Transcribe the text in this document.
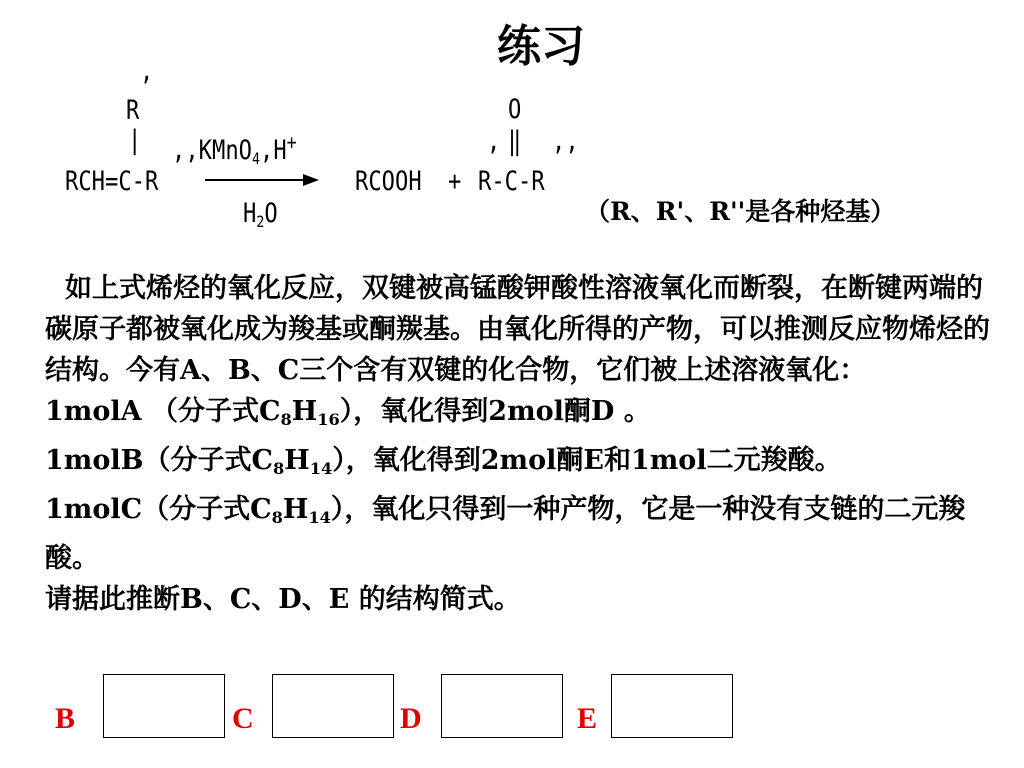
练习
,
R
|
RCH=C-R
,,KMnO$_4$,H+
$H_2O$
RCOOH +
O
‖
, ,,
R-C-R
（R、R'、R''是各种烃基）

如上式烯烃的氧化反应，双键被高锰酸钾酸性溶液氧化而断裂，在断键两端的碳原子都被氧化成为羧基或酮羰基。由氧化所得的产物，可以推测反应物烯烃的结构。今有A、B、C三个含有双键的化合物，它们被上述溶液氧化：

1molA （分子式$C_8H_{16}$），氧化得到2mol酮D 。

1molB（分子式$C_8H_{14}$），氧化得到2mol酮E和1mol二元羧酸。

1molC（分子式$C_8H_{14}$），氧化只得到一种产物，它是一种没有支链的二元羧酸。

请据此推断B、C、D、E 的结构简式。

B	C	D	E
